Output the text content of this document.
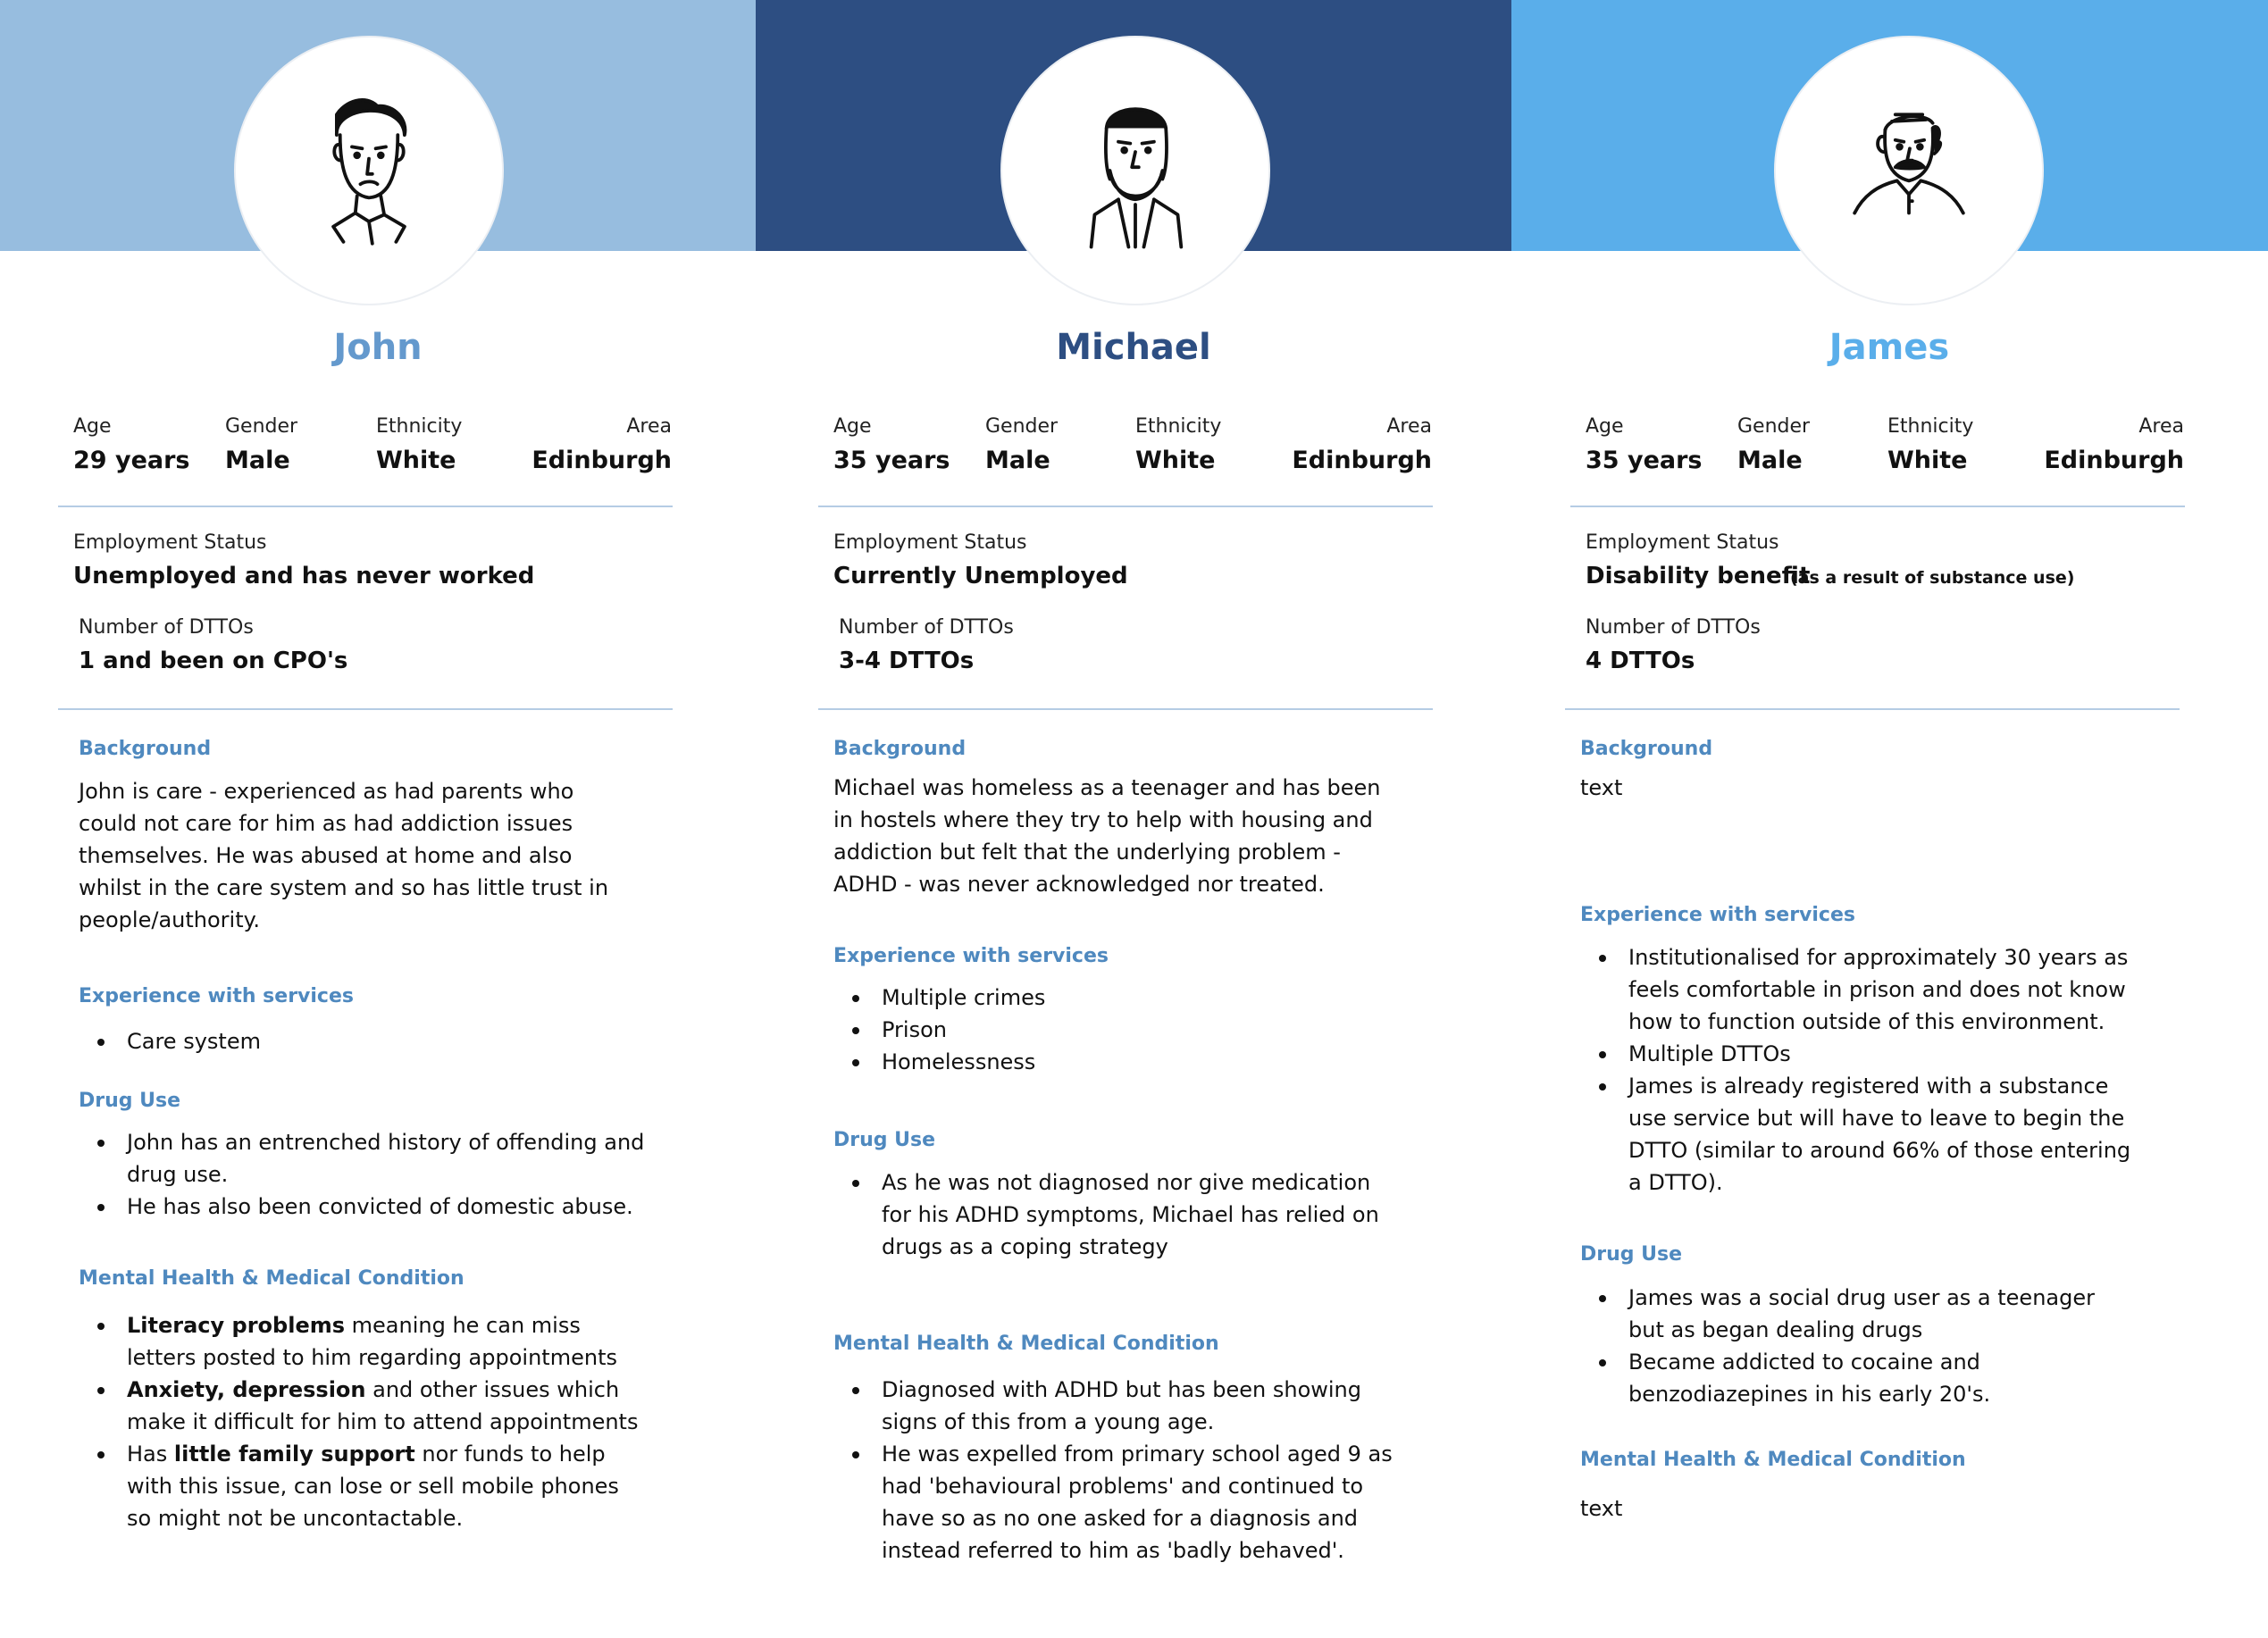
John	Michael	James
Age
29 years
Gender
Male
Ethnicity
White
Area
Edinburgh
Employment Status
Unemployed and has never worked
Number of DTTOs
1 and been on CPO's
Background
John is care - experienced as had parents who could not care for him as had addiction issues themselves. He was abused at home and also whilst in the care system and so has little trust in people/authority.
Experience with services
Care system
Drug Use
John has an entrenched history of offending and drug use.
He has also been convicted of domestic abuse.
Mental Health & Medical Condition
Literacy problems meaning he can miss letters posted to him regarding appointments
Anxiety, depression and other issues which make it difficult for him to attend appointments
Has little family support nor funds to help with this issue, can lose or sell mobile phones so might not be uncontactable.
Age
35 years
Gender
Male
Ethnicity
White
Area
Edinburgh
Employment Status
Currently Unemployed
Number of DTTOs
3-4 DTTOs
Background
Michael was homeless as a teenager and has been in hostels where they try to help with housing and addiction but felt that the underlying problem - ADHD - was never acknowledged nor treated.
Experience with services
Multiple crimes
Prison
Homelessness
Drug Use
As he was not diagnosed nor give medication for his ADHD symptoms, Michael has relied on drugs as a coping strategy
Mental Health & Medical Condition
Diagnosed with ADHD but has been showing signs of this from a young age.
He was expelled from primary school aged 9 as had 'behavioural problems' and continued to have so as no one asked for a diagnosis and instead referred to him as 'badly behaved'.
Age
35 years
Gender
Male
Ethnicity
White
Area
Edinburgh
Employment Status
Disability benefit
(as a result of substance use)
Number of DTTOs
4 DTTOs
Background
text
Experience with services
Institutionalised for approximately 30 years as feels comfortable in prison and does not know how to function outside of this environment.
Multiple DTTOs
James is already registered with a substance use service but will have to leave to begin the DTTO (similar to around 66% of those entering a DTTO).
Drug Use
James was a social drug user as a teenager but as began dealing drugs
Became addicted to cocaine and benzodiazepines in his early 20's.
Mental Health & Medical Condition
text
